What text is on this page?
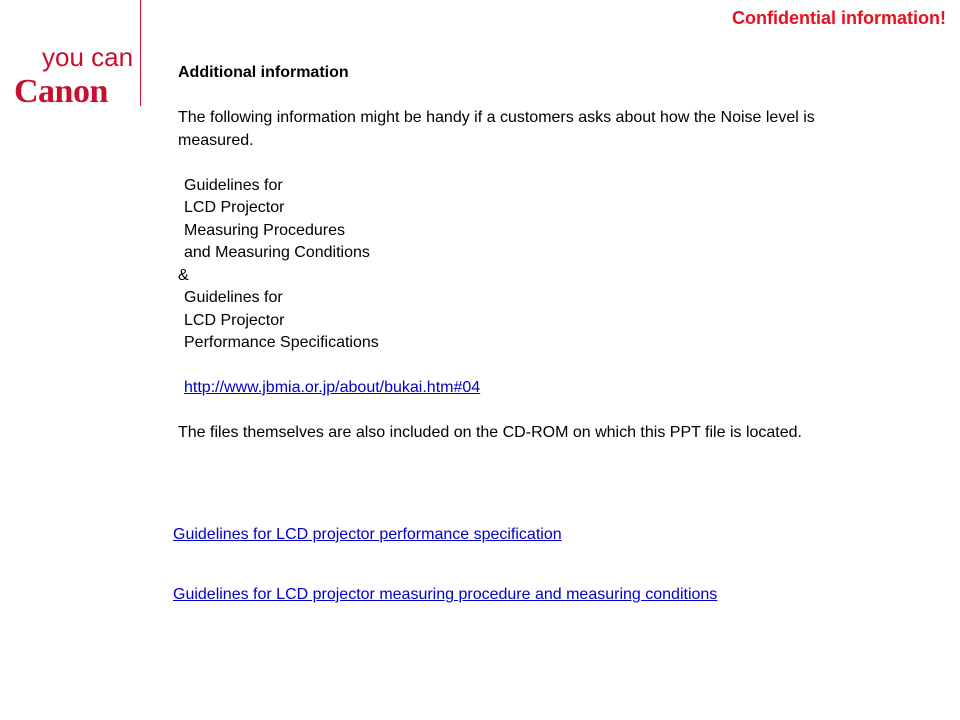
you can
Canon
Confidential information!

Additional information

The following information might be handy if a customers asks about how the Noise level is measured.

Guidelines for

LCD Projector

Measuring Procedures

and Measuring Conditions

&

Guidelines for

LCD Projector

Performance Specifications

http://www.jbmia.or.jp/about/bukai.htm#04

The files themselves are also included on the CD-ROM on which this PPT file is located.

Guidelines for LCD projector performance specification
Guidelines for LCD projector measuring procedure and measuring conditions
